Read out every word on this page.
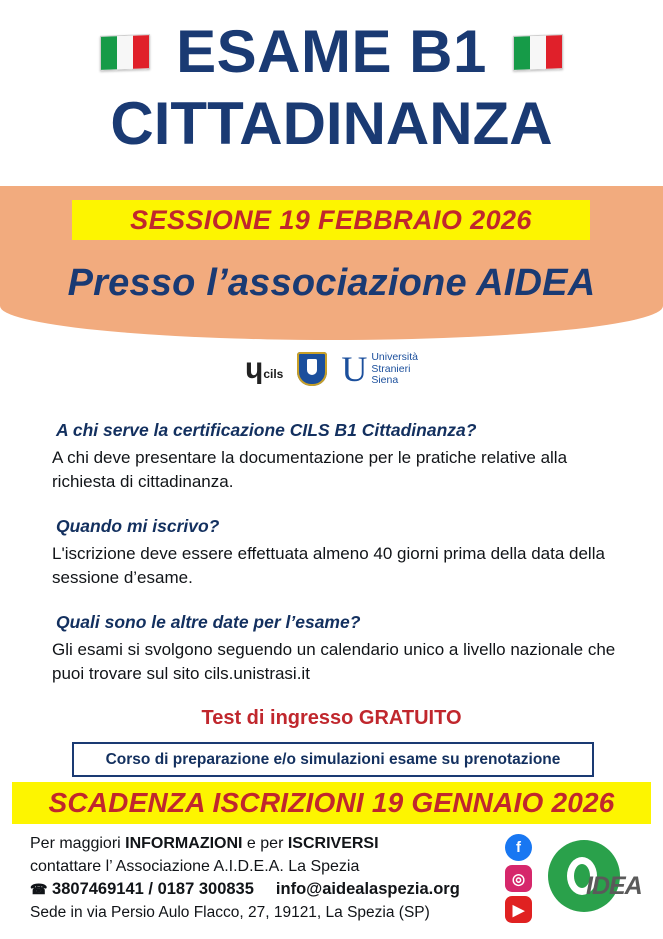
ESAME B1
CITTADINANZA
SESSIONE 19 FEBBRAIO 2026
Presso l’associazione AIDEA
ɥ cils U Università
Stranieri
Siena

A chi serve la certificazione CILS B1 Cittadinanza?

A chi deve presentare la documentazione per le pratiche relative alla richiesta di cittadinanza.

Quando mi iscrivo?

L'iscrizione deve essere effettuata almeno 40 giorni prima della data della sessione d’esame.

Quali sono le altre date per l’esame?

Gli esami si svolgono seguendo un calendario unico a livello nazionale che puoi trovare sul sito cils.unistrasi.it

Test di ingresso GRATUITO
Corso di preparazione e/o simulazioni esame su prenotazione
SCADENZA ISCRIZIONI 19 GENNAIO 2026
Per maggiori INFORMAZIONI e per ISCRIVERSI
contattare l’ Associazione A.I.D.E.A. La Spezia
☎ 3807469141 / 0187 300835 info@aidealaspezia.org
Sede in via Persio Aulo Flacco, 27, 19121, La Spezia (SP)
f
◎
▶
IDEA
